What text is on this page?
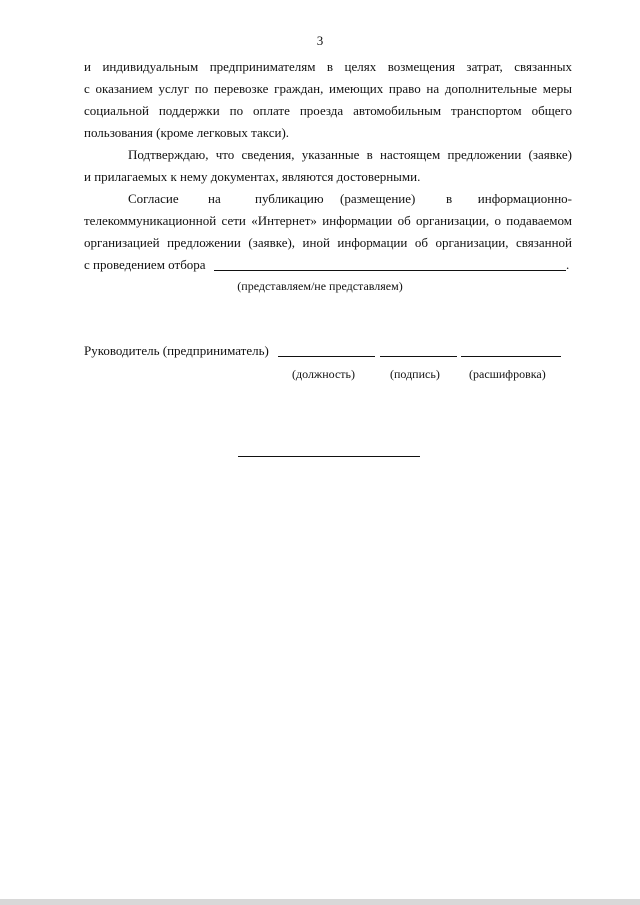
3
и индивидуальным предпринимателям в целях возмещения затрат, связанных
с оказанием услуг по перевозке граждан, имеющих право на дополнительные меры
социальной поддержки по оплате проезда автомобильным транспортом общего
пользования (кроме легковых такси).
Подтверждаю, что сведения, указанные в настоящем предложении (заявке)
и прилагаемых к нему документах, являются достоверными.
Согласие на	публикацию (размещение) в информационно-
телекоммуникационной сети «Интернет» информации об организации, о подаваемом
организацией предложении (заявке), иной информации об организации, связанной
с проведением отбора	.
(представляем/не представляем)
Руководитель (предприниматель)
(должность)	(подпись) (расшифровка)
